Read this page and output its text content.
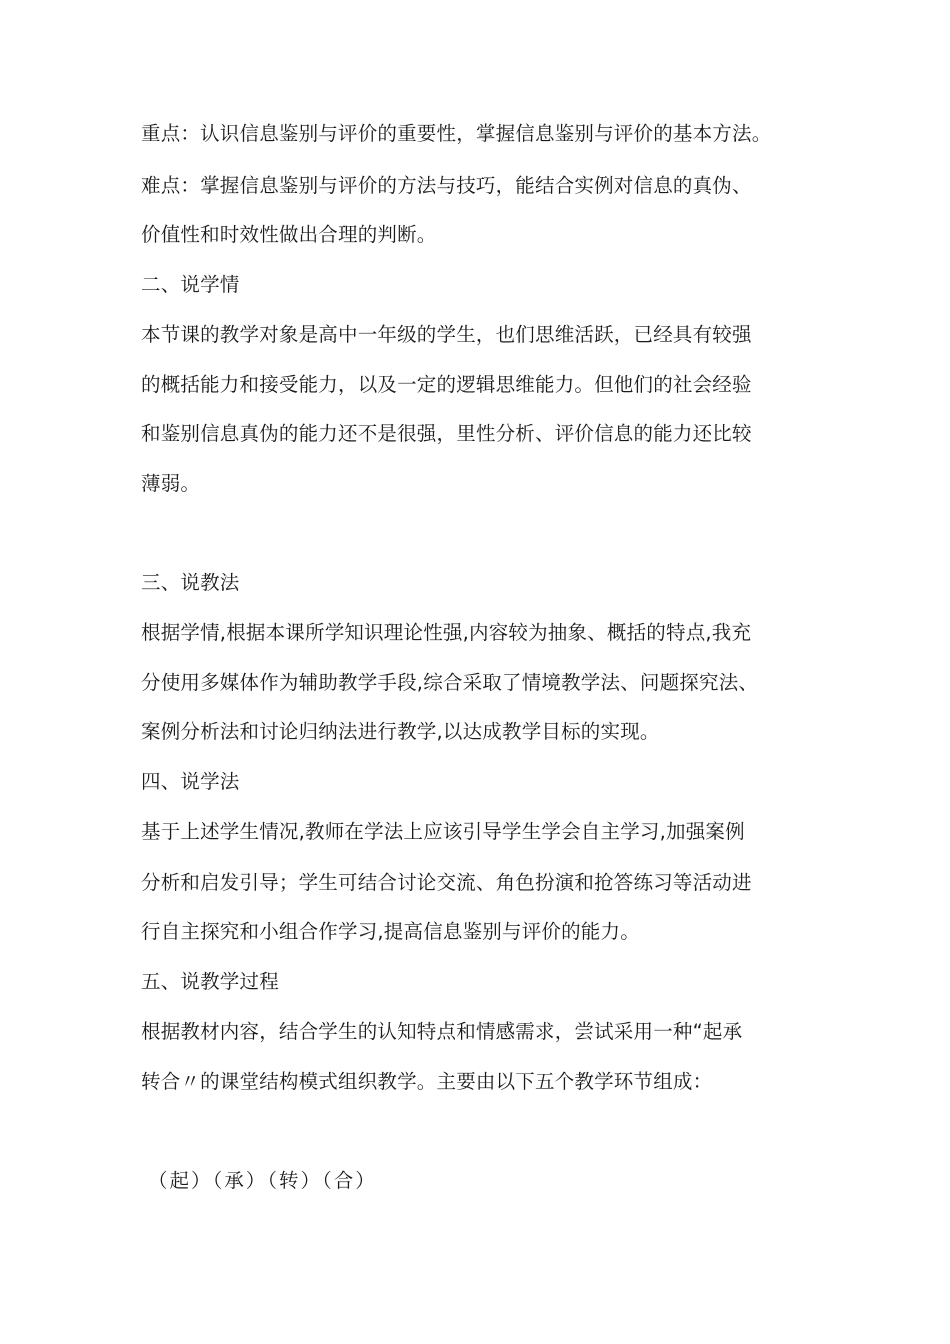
重点：认识信息鉴别与评价的重要性，掌握信息鉴别与评价的基本方法。
难点：掌握信息鉴别与评价的方法与技巧，能结合实例对信息的真伪、
价值性和时效性做出合理的判断。
二、说学情
本节课的教学对象是高中一年级的学生，也们思维活跃，已经具有较强
的概括能力和接受能力，以及一定的逻辑思维能力。但他们的社会经验
和鉴别信息真伪的能力还不是很强，里性分析、评价信息的能力还比较
薄弱。
三、说教法
根据学情,根据本课所学知识理论性强,内容较为抽象、概括的特点,我充
分使用多媒体作为辅助教学手段,综合采取了情境教学法、问题探究法、
案例分析法和讨论归纳法进行教学,以达成教学目标的实现。
四、说学法
基于上述学生情况,教师在学法上应该引导学生学会自主学习,加强案例
分析和启发引导；学生可结合讨论交流、角色扮演和抢答练习等活动进
行自主探究和小组合作学习,提高信息鉴别与评价的能力。
五、说教学过程
根据教材内容，结合学生的认知特点和情感需求，尝试采用一种“起承
转合〃的课堂结构模式组织教学。主要由以下五个教学环节组成：
（起）（承）（转）（合）
